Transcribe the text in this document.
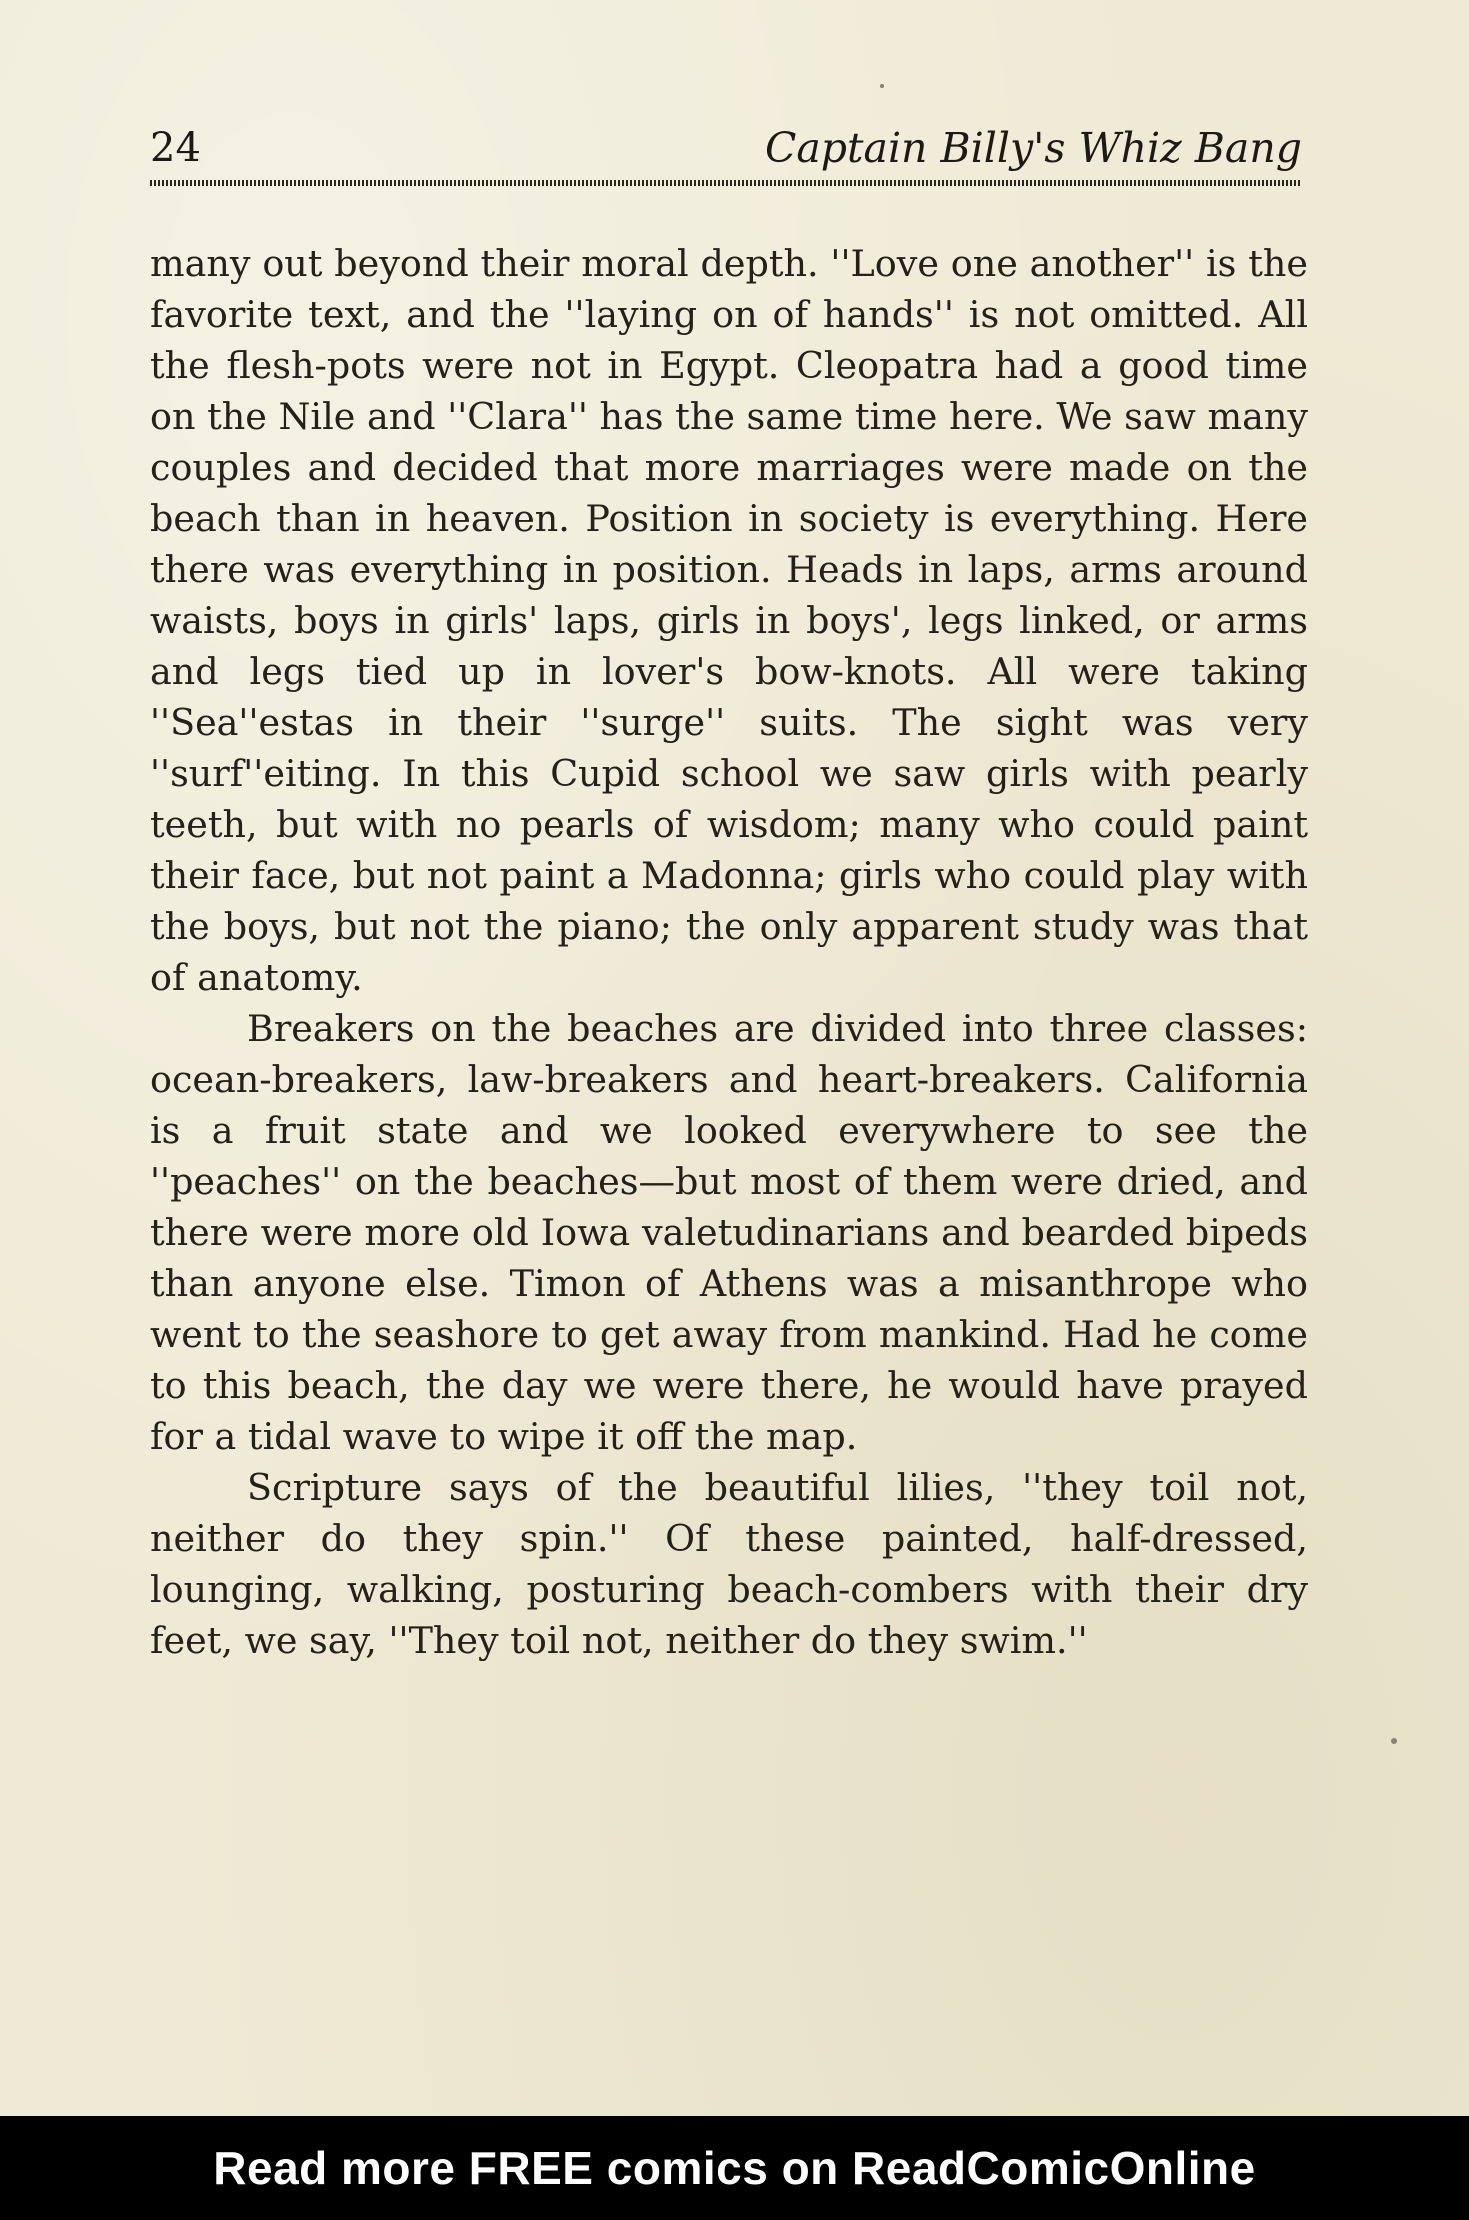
24	Captain Billy's Whiz Bang

many out beyond their moral depth. ''Love one another'' is the favorite text, and the ''laying on of hands'' is not omitted. All the flesh-pots were not in Egypt. Cleopatra had a good time on the Nile and ''Clara'' has the same time here. We saw many couples and decided that more marriages were made on the beach than in heaven. Position in society is everything. Here there was everything in position. Heads in laps, arms around waists, boys in girls' laps, girls in boys', legs linked, or arms and legs tied up in lover's bow-knots. All were taking ''Sea''estas in their ''surge'' suits. The sight was very ''surf''eiting. In this Cupid school we saw girls with pearly teeth, but with no pearls of wisdom; many who could paint their face, but not paint a Madonna; girls who could play with the boys, but not the piano; the only apparent study was that of anatomy.

Breakers on the beaches are divided into three classes: ocean-breakers, law-breakers and heart-breakers. California is a fruit state and we looked everywhere to see the ''peaches'' on the beaches—but most of them were dried, and there were more old Iowa valetudinarians and bearded bipeds than anyone else. Timon of Athens was a misanthrope who went to the seashore to get away from mankind. Had he come to this beach, the day we were there, he would have prayed for a tidal wave to wipe it off the map.

Scripture says of the beautiful lilies, ''they toil not, neither do they spin.'' Of these painted, half-dressed, lounging, walking, posturing beach-combers with their dry feet, we say, ''They toil not, neither do they swim.''

Read more FREE comics on ReadComicOnline
